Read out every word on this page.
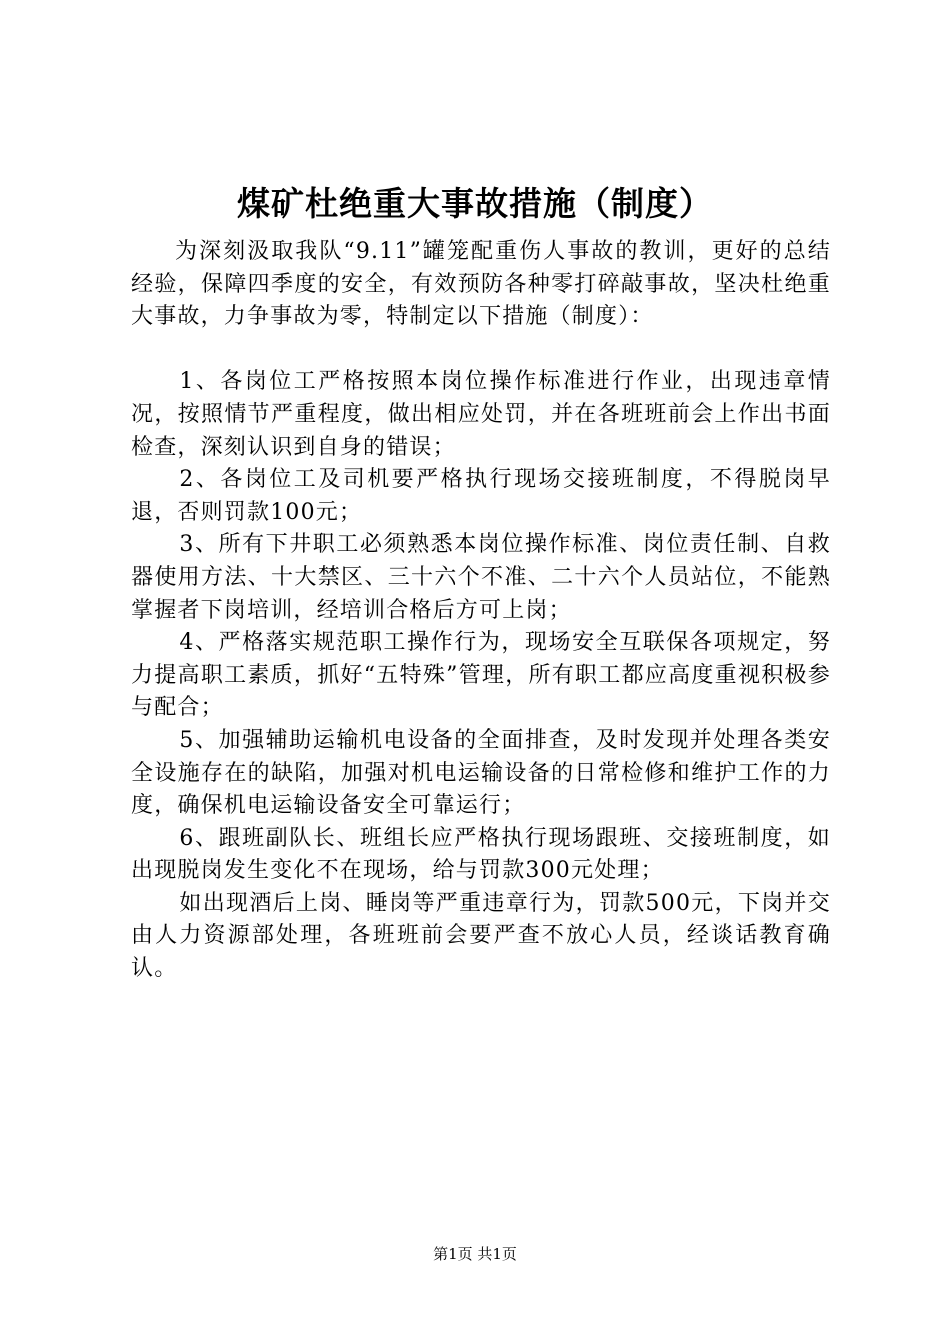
煤矿杜绝重大事故措施（制度）

为深刻汲取我队“9.11”罐笼配重伤人事故的教训，更好的总结经验，保障四季度的安全，有效预防各种零打碎敲事故，坚决杜绝重大事故，力争事故为零，特制定以下措施（制度）：

1、各岗位工严格按照本岗位操作标准进行作业，出现违章情况，按照情节严重程度，做出相应处罚，并在各班班前会上作出书面检查，深刻认识到自身的错误；

2、各岗位工及司机要严格执行现场交接班制度，不得脱岗早退，否则罚款100元；

3、所有下井职工必须熟悉本岗位操作标准、岗位责任制、自救器使用方法、十大禁区、三十六个不准、二十六个人员站位，不能熟掌握者下岗培训，经培训合格后方可上岗；

4、严格落实规范职工操作行为，现场安全互联保各项规定，努力提高职工素质，抓好“五特殊”管理，所有职工都应高度重视积极参与配合；

5、加强辅助运输机电设备的全面排查，及时发现并处理各类安全设施存在的缺陷，加强对机电运输设备的日常检修和维护工作的力度，确保机电运输设备安全可靠运行；

6、跟班副队长、班组长应严格执行现场跟班、交接班制度，如出现脱岗发生变化不在现场，给与罚款300元处理；

如出现酒后上岗、睡岗等严重违章行为，罚款500元，下岗并交由人力资源部处理，各班班前会要严查不放心人员，经谈话教育确认。

第1页 共1页
